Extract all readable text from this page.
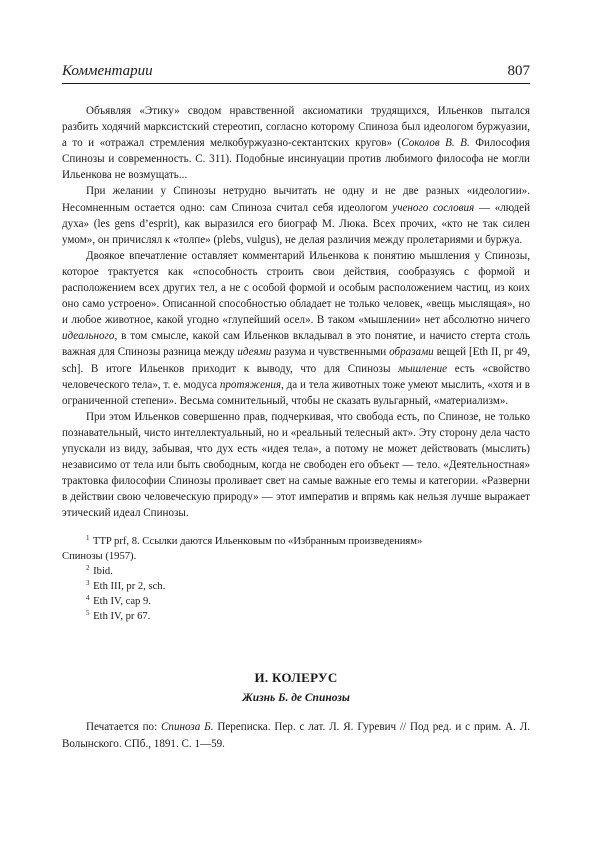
Комментарии	807

Объявляя «Этику» сводом нравственной аксиоматики трудящихся, Ильенков пытался разбить ходячий марксистский стереотип, согласно которому Спиноза был идеологом буржуазии, а то и «отражал стремления мелкобуржуазно-сектантских кругов» (Соколов В. В. Философия Спинозы и современность. С. 311). Подобные инсинуации против любимого философа не могли Ильенкова не возмущать...

При желании у Спинозы нетрудно вычитать не одну и не две разных «идеологии». Несомненным остается одно: сам Спиноза считал себя идеологом ученого сословия — «людей духа» (les gens d’esprit), как выразился его биограф М. Люка. Всех прочих, «кто не так силен умом», он причислял к «толпе» (plebs, vulgus), не делая различия между пролетариями и буржуа.

Двоякое впечатление оставляет комментарий Ильенкова к понятию мышления у Спинозы, которое трактуется как «способность строить свои действия, сообразуясь с формой и расположением всех других тел, а не с особой формой и особым расположением частиц, из коих оно само устроено». Описанной способностью обладает не только человек, «вещь мыслящая», но и любое животное, какой угодно «глупейший осел». В таком «мышлении» нет абсолютно ничего идеального, в том смысле, какой сам Ильенков вкладывал в это понятие, и начисто стерта столь важная для Спинозы разница между идеями разума и чувственными образами вещей [Eth II, pr 49, sch]. В итоге Ильенков приходит к выводу, что для Спинозы мышление есть «свойство человеческого тела», т. е. модуса протяжения, да и тела животных тоже умеют мыслить, «хотя и в ограниченной степени». Весьма сомнительный, чтобы не сказать вульгарный, «материализм».

При этом Ильенков совершенно прав, подчеркивая, что свобода есть, по Спинозе, не только познавательный, чисто интеллектуальный, но и «реальный телесный акт». Эту сторону дела часто упускали из виду, забывая, что дух есть «идея тела», а потому не может действовать (мыслить) независимо от тела или быть свободным, когда не свободен его объект — тело. «Деятельностная» трактовка философии Спинозы проливает свет на самые важные его темы и категории. «Разверни в действии свою человеческую природу» — этот императив и впрямь как нельзя лучше выражает этический идеал Спинозы.

$^1$ TTP prf, 8. Ссылки даются Ильенковым по «Избранным произведениям»
Спинозы (1957).
$^2$ Ibid.
$^3$ Eth III, pr 2, sch.
$^4$ Eth IV, cap 9.
$^5$ Eth IV, pr 67.
И. КОЛЕРУС
Жизнь Б. де Спинозы

Печатается по: Спиноза Б. Переписка. Пер. с лат. Л. Я. Гуревич // Под ред. и с прим. А. Л. Волынского. СПб., 1891. С. 1—59.
